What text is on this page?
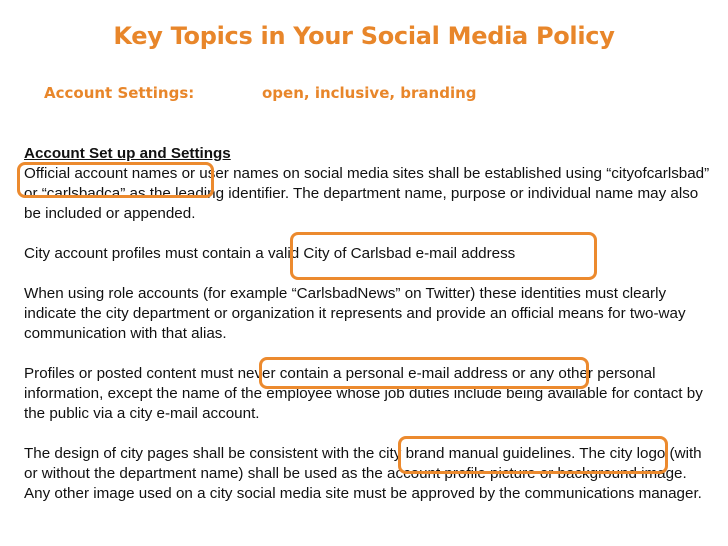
Key Topics in Your Social Media Policy
Account Settings:	open, inclusive, branding

Account Set up and Settings

Official account names or user names on social media sites shall be established using “cityofcarlsbad” or “carlsbadca” as the leading identifier. The department name, purpose or individual name may also be included or appended.

City account profiles must contain a valid City of Carlsbad e-mail address

When using role accounts (for example “CarlsbadNews” on Twitter) these identities must clearly indicate the city department or organization it represents and provide an official means for two-way communication with that alias.

Profiles or posted content must never contain a personal e-mail address or any other personal information, except the name of the employee whose job duties include being available for contact by the public via a city e-mail account.

The design of city pages shall be consistent with the city brand manual guidelines. The city logo (with or without the department name) shall be used as the account profile picture or background image. Any other image used on a city social media site must be approved by the communications manager.
